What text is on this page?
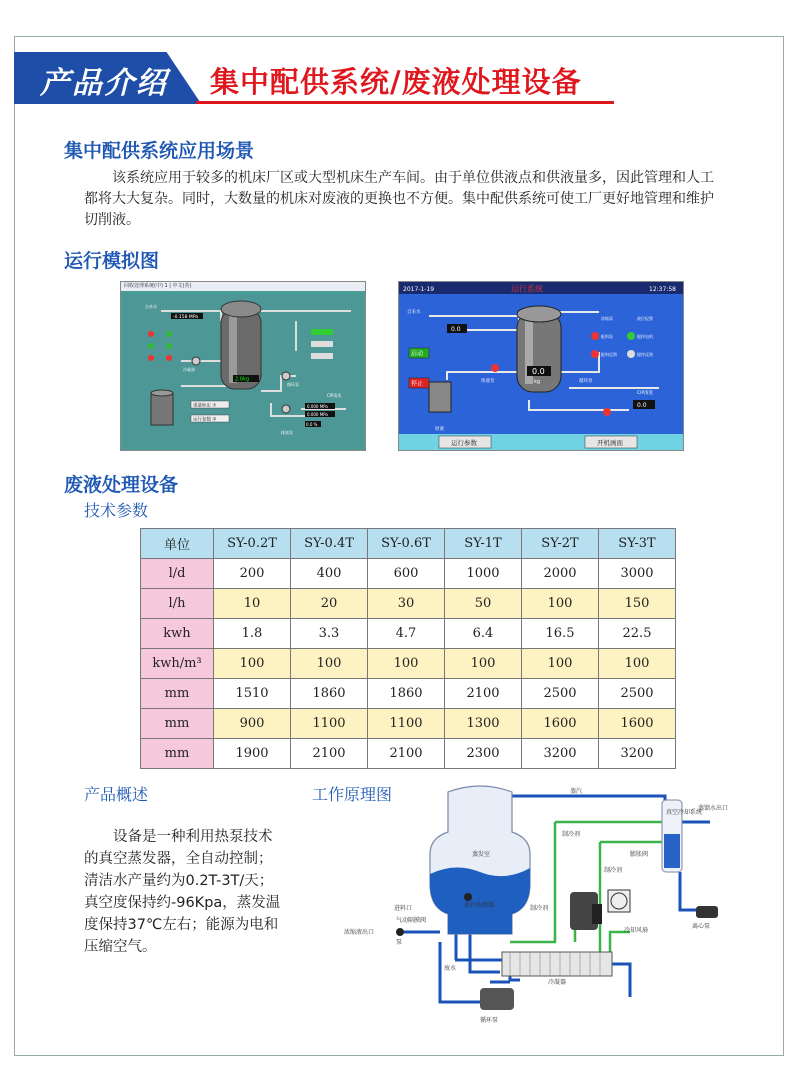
产品介绍 集中配供系统/废液处理设备
集中配供系统应用场景
该系统应用于较多的机床厂区或大型机床生产车间。由于单位供液点和供液量多，因此管理和人工都将大大复杂。同时，大数量的机床对废液的更换也不方便。集中配供系统可使工厂更好地管理和维护切削液。
运行模拟图
回收处理系统(中) 1 | 中文(英)
-0.158 MPa
2.0kg
0.000 MPa
0.000 MPa
0.0 %
重量标定 ①
运行参数 ②
自来水
冷凝器
循环泵
排液泵
CIP清洗
2017-1-19	运行系统	12:37:58
0.0
kg
0.0
0.0
启动
停止
运行参数	开机画面
自来水
浓液泵	循环泵
原液
CIP清洗
配料泵	搅拌电机
浓缩泵	液位报警
配料反馈	搅拌反馈
废液处理设备
技术参数
单位	SY-0.2T	SY-0.4T	SY-0.6T	SY-1T	SY-2T	SY-3T
l/d	200	400	600	1000	2000	3000
l/h	10	20	30	50	100	150
kwh	1.8	3.3	4.7	6.4	16.5	22.5
kwh/m³	100	100	100	100	100	100
mm	1510	1860	1860	2100	2500	2500
mm	900	1100	1100	1300	1600	1600
mm	1900	2100	2100	2300	3200	3200
产品概述
设备是一种利用热泵技术的真空蒸发器，全自动控制；清洁水产量约为0.2T-3T/天；真空度保持约-96Kpa，蒸发温度保持37℃左右；能源为电和压缩空气。
工作原理图	蒸汽
真空冷却系统
蒸馏水出口
蒸发室
制冷剂
膨胀阀
制冷剂
进料口
气动隔膜阀
液位传感器	制冷剂
冷却风扇
浓缩液出口
泵
废水
冷凝器
离心泵
循环泵
